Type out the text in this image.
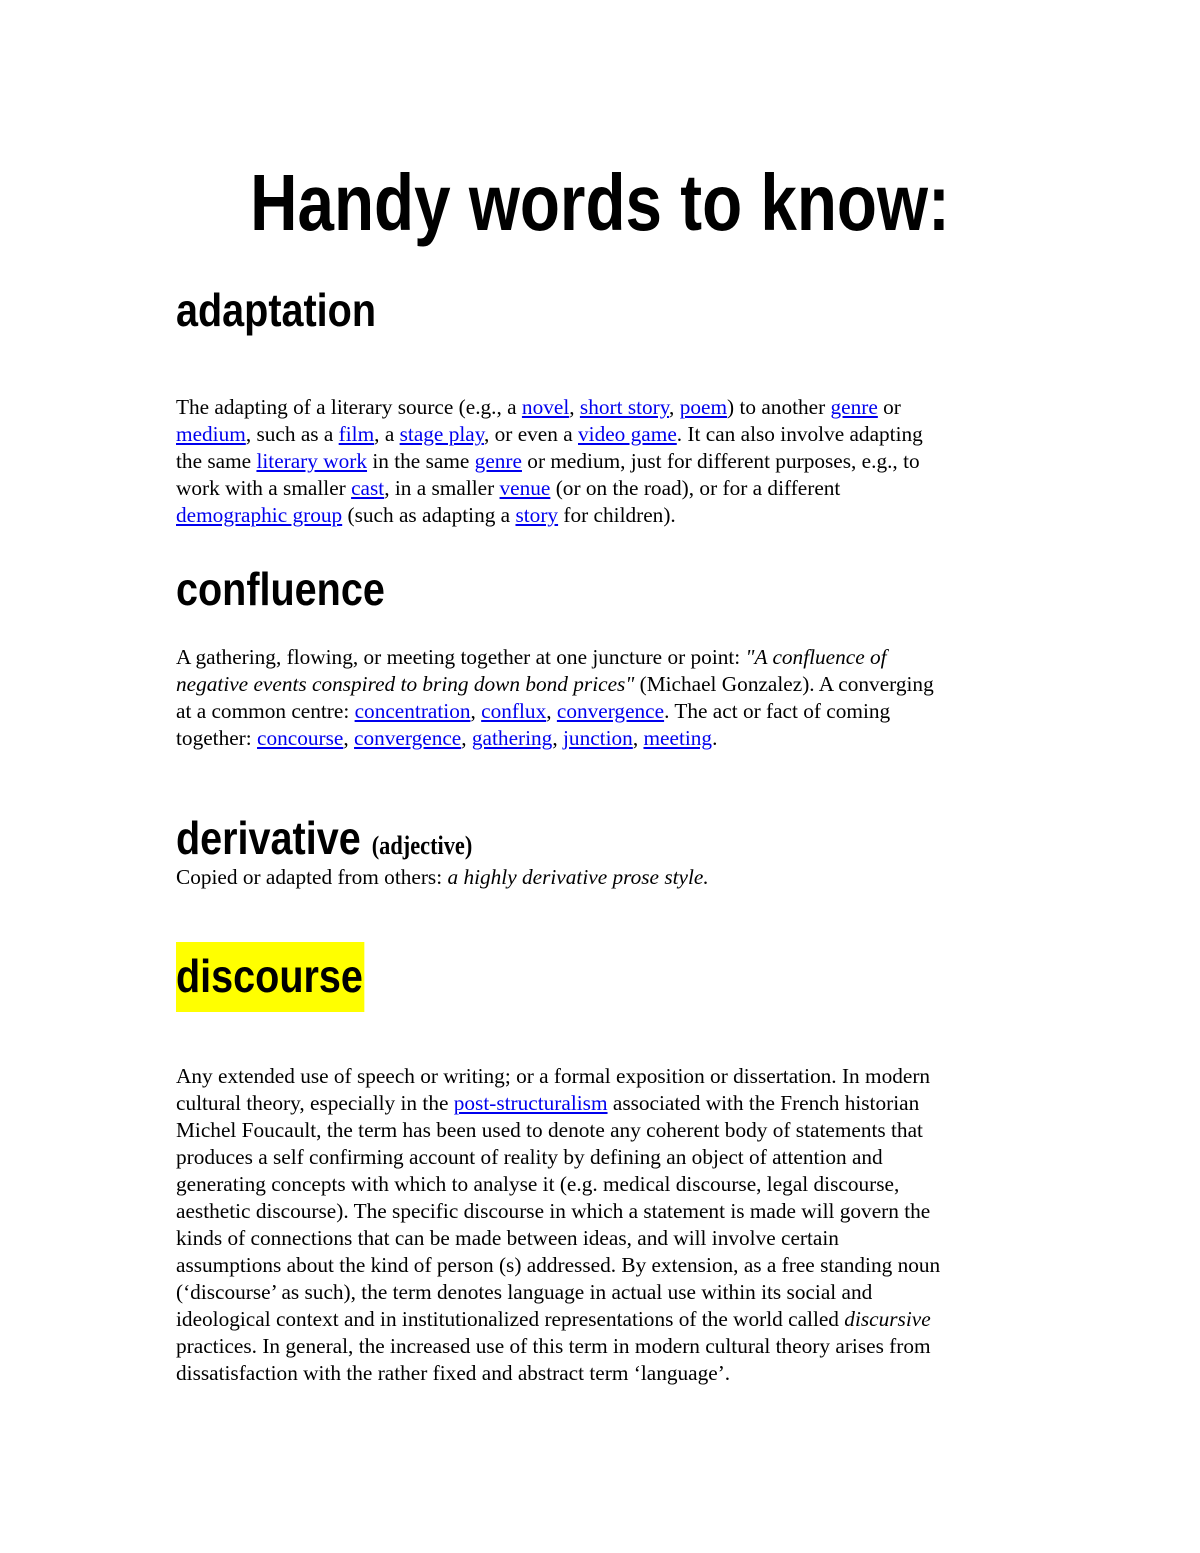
Handy words to know:
adaptation
The adapting of a literary source (e.g., a novel, short story, poem) to another genre or
medium, such as a film, a stage play, or even a video game. It can also involve adapting
the same literary work in the same genre or medium, just for different purposes, e.g., to
work with a smaller cast, in a smaller venue (or on the road), or for a different
demographic group (such as adapting a story for children).
confluence
A gathering, flowing, or meeting together at one juncture or point: "A confluence of
negative events conspired to bring down bond prices" (Michael Gonzalez). A converging
at a common centre: concentration, conflux, convergence. The act or fact of coming
together: concourse, convergence, gathering, junction, meeting.
derivative (adjective)
Copied or adapted from others: a highly derivative prose style.
discourse
Any extended use of speech or writing; or a formal exposition or dissertation. In modern
cultural theory, especially in the post-structuralism associated with the French historian
Michel Foucault, the term has been used to denote any coherent body of statements that
produces a self confirming account of reality by defining an object of attention and
generating concepts with which to analyse it (e.g. medical discourse, legal discourse,
aesthetic discourse). The specific discourse in which a statement is made will govern the
kinds of connections that can be made between ideas, and will involve certain
assumptions about the kind of person (s) addressed. By extension, as a free standing noun
(‘discourse’ as such), the term denotes language in actual use within its social and
ideological context and in institutionalized representations of the world called discursive
practices. In general, the increased use of this term in modern cultural theory arises from
dissatisfaction with the rather fixed and abstract term ‘language’.
